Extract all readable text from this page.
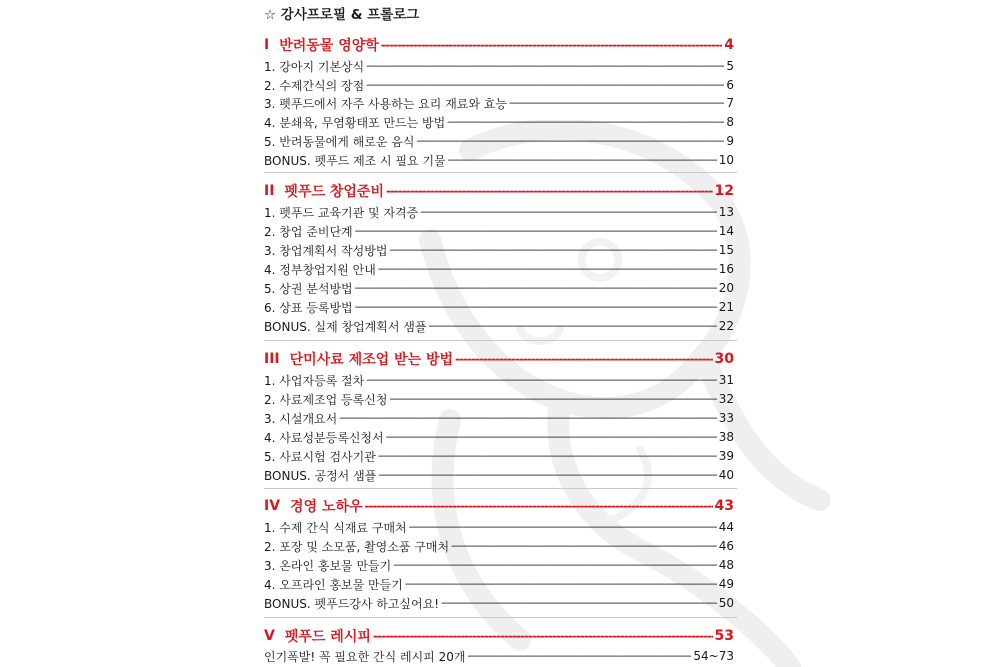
☆ 강사프로필 & 프롤로그
I 반려동물 영양학 -----	4
1. 강아지 기본상식 -----	5
2. 수제간식의 장점 -----	6
3. 펫푸드에서 자주 사용하는 요리 재료와 효능 -----	7
4. 분쇄육, 무염황태포 만드는 방법 -----	8
5. 반려동물에게 해로운 음식 -----	9
BONUS. 펫푸드 제조 시 필요 기물 -----	10
II 펫푸드 창업준비 -----	12
1. 펫푸드 교육기관 및 자격증 -----	13
2. 창업 준비단계 -----	14
3. 창업계획서 작성방법 -----	15
4. 정부창업지원 안내 -----	16
5. 상권 분석방법 -----	20
6. 상표 등록방법 -----	21
BONUS. 실제 창업계획서 샘플 -----	22
III 단미사료 제조업 받는 방법 -----	30
1. 사업자등록 절차 -----	31
2. 사료제조업 등록신청 -----	32
3. 시설개요서 -----	33
4. 사료성분등록신청서 -----	38
5. 사료시험 검사기관 -----	39
BONUS. 공정서 샘플 -----	40
IV 경영 노하우 -----	43
1. 수제 간식 식재료 구매처 -----	44
2. 포장 및 소모품, 촬영소품 구매처 -----	46
3. 온라인 홍보물 만들기 -----	48
4. 오프라인 홍보물 만들기 -----	49
BONUS. 펫푸드강사 하고싶어요! -----	50
V 펫푸드 레시피 -----	53
인기폭발! 꼭 필요한 간식 레시피 20개 -----	54~73
